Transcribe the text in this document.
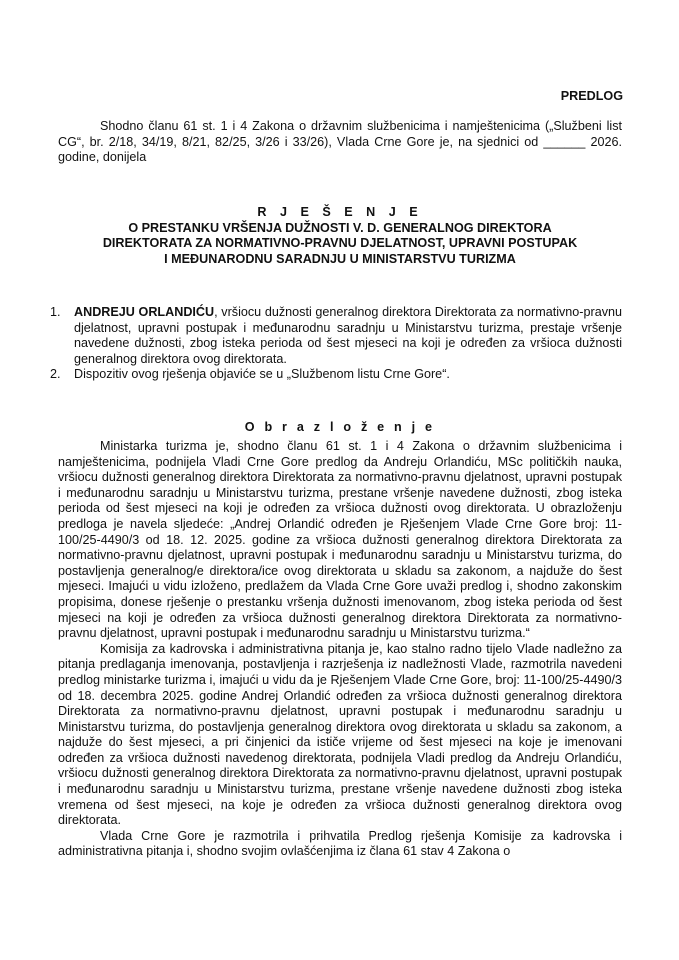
PREDLOG

Shodno članu 61 st. 1 i 4 Zakona o državnim službenicima i namještenicima („Službeni list CG“, br. 2/18, 34/19, 8/21, 82/25, 3/26 i 33/26), Vlada Crne Gore je, na sjednici od ______ 2026. godine, donijela

R J E Š E N J E
O PRESTANKU VRŠENJA DUŽNOSTI V. D. GENERALNOG DIREKTORA
DIREKTORATA ZA NORMATIVNO-PRAVNU DJELATNOST, UPRAVNI POSTUPAK
I MEĐUNARODNU SARADNJU U MINISTARSTVU TURIZMA
1. ANDREJU ORLANDIĆU, vršiocu dužnosti generalnog direktora Direktorata za normativno-pravnu djelatnost, upravni postupak i međunarodnu saradnju u Ministarstvu turizma, prestaje vršenje navedene dužnosti, zbog isteka perioda od šest mjeseci na koji je određen za vršioca dužnosti generalnog direktora ovog direktorata.
2. Dispozitiv ovog rješenja objaviće se u „Službenom listu Crne Gore“.
O b r a z l o ž e n j e

Ministarka turizma je, shodno članu 61 st. 1 i 4 Zakona o državnim službenicima i namještenicima, podnijela Vladi Crne Gore predlog da Andreju Orlandiću, MSc političkih nauka, vršiocu dužnosti generalnog direktora Direktorata za normativno-pravnu djelatnost, upravni postupak i međunarodnu saradnju u Ministarstvu turizma, prestane vršenje navedene dužnosti, zbog isteka perioda od šest mjeseci na koji je određen za vršioca dužnosti ovog direktorata. U obrazloženju predloga je navela sljedeće: „Andrej Orlandić određen je Rješenjem Vlade Crne Gore broj: 11-100/25-4490/3 od 18. 12. 2025. godine za vršioca dužnosti generalnog direktora Direktorata za normativno-pravnu djelatnost, upravni postupak i međunarodnu saradnju u Ministarstvu turizma, do postavljenja generalnog/e direktora/ice ovog direktorata u skladu sa zakonom, a najduže do šest mjeseci. Imajući u vidu izloženo, predlažem da Vlada Crne Gore uvaži predlog i, shodno zakonskim propisima, donese rješenje o prestanku vršenja dužnosti imenovanom, zbog isteka perioda od šest mjeseci na koji je određen za vršioca dužnosti generalnog direktora Direktorata za normativno-pravnu djelatnost, upravni postupak i međunarodnu saradnju u Ministarstvu turizma.“

Komisija za kadrovska i administrativna pitanja je, kao stalno radno tijelo Vlade nadležno za pitanja predlaganja imenovanja, postavljenja i razrješenja iz nadležnosti Vlade, razmotrila navedeni predlog ministarke turizma i, imajući u vidu da je Rješenjem Vlade Crne Gore, broj: 11-100/25-4490/3 od 18. decembra 2025. godine Andrej Orlandić određen za vršioca dužnosti generalnog direktora Direktorata za normativno-pravnu djelatnost, upravni postupak i međunarodnu saradnju u Ministarstvu turizma, do postavljenja generalnog direktora ovog direktorata u skladu sa zakonom, a najduže do šest mjeseci, a pri činjenici da ističe vrijeme od šest mjeseci na koje je imenovani određen za vršioca dužnosti navedenog direktorata, podnijela Vladi predlog da Andreju Orlandiću, vršiocu dužnosti generalnog direktora Direktorata za normativno-pravnu djelatnost, upravni postupak i međunarodnu saradnju u Ministarstvu turizma, prestane vršenje navedene dužnosti zbog isteka vremena od šest mjeseci, na koje je određen za vršioca dužnosti generalnog direktora ovog direktorata.

Vlada Crne Gore je razmotrila i prihvatila Predlog rješenja Komisije za kadrovska i administrativna pitanja i, shodno svojim ovlašćenjima iz člana 61 stav 4 Zakona o
